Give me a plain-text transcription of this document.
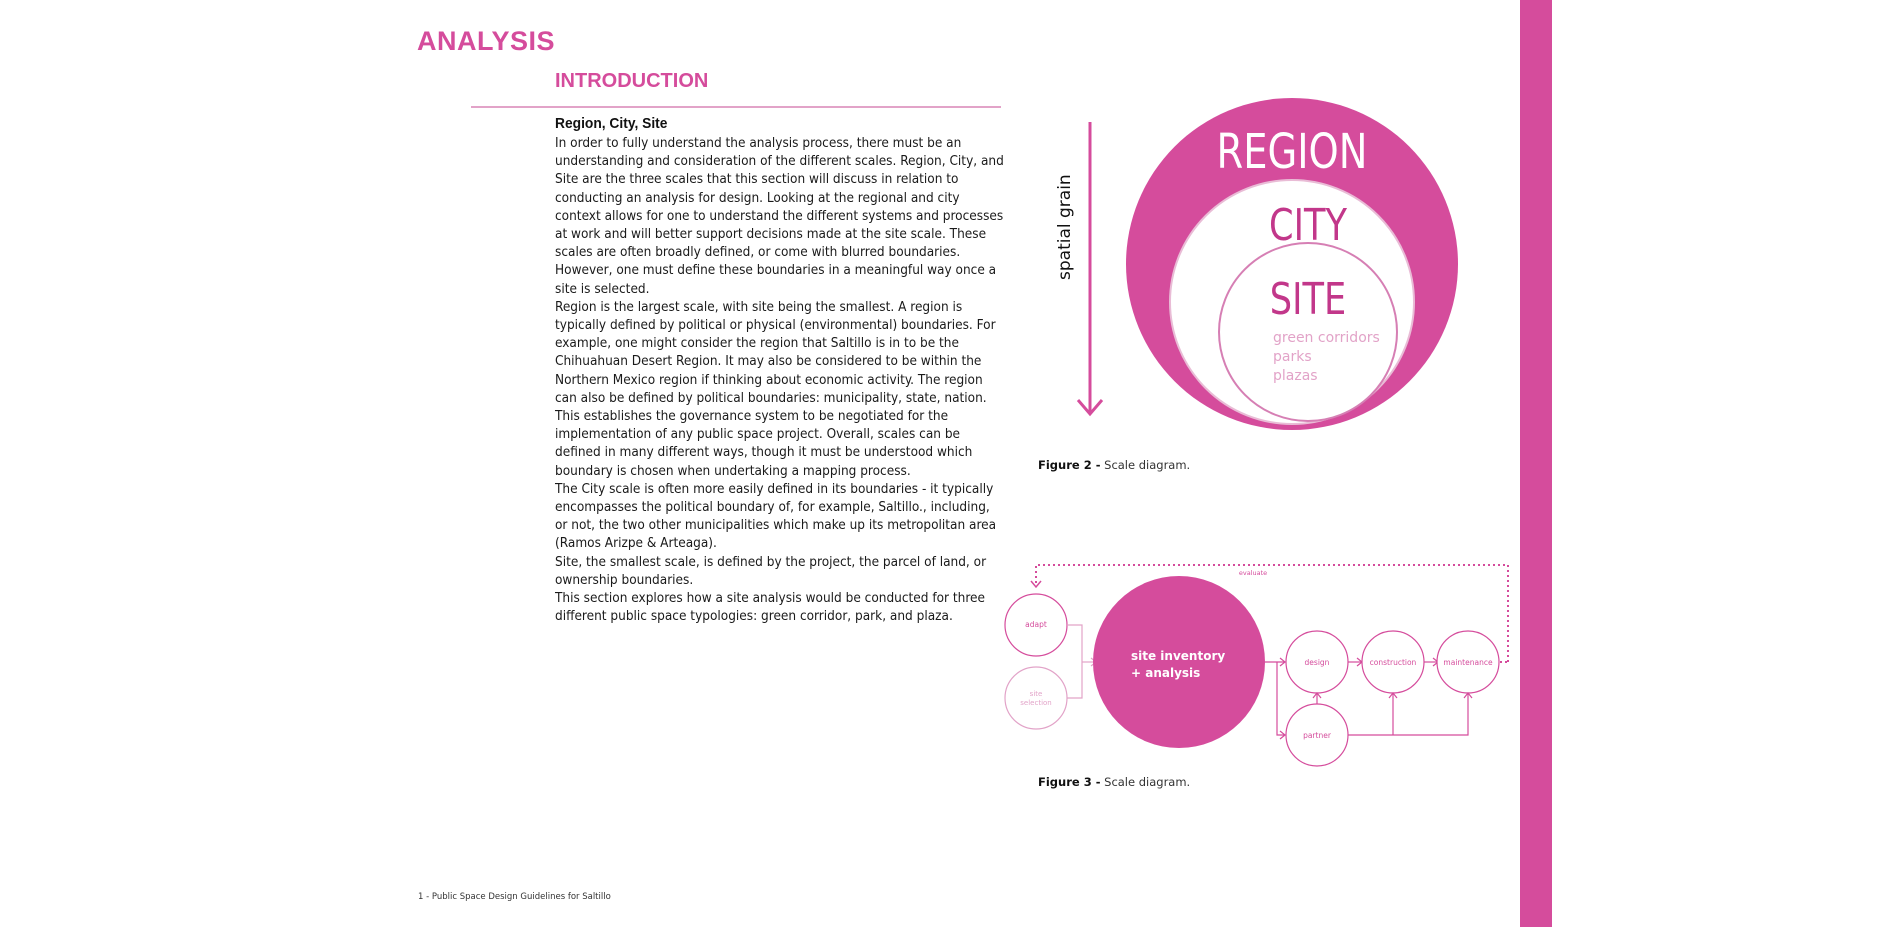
ANALYSIS
INTRODUCTION
Region, City, Site

In order to fully understand the analysis process, there must be an understanding and consideration of the different scales. Region, City, and Site are the three scales that this section will discuss in relation to conducting an analysis for design. Looking at the regional and city context allows for one to understand the different systems and processes at work and will better support decisions made at the site scale. These scales are often broadly defined, or come with blurred boundaries. However, one must define these boundaries in a meaningful way once a site is selected.

Region is the largest scale, with site being the smallest. A region is typically defined by political or physical (environmental) boundaries. For example, one might consider the region that Saltillo is in to be the Chihuahuan Desert Region. It may also be considered to be within the Northern Mexico region if thinking about economic activity. The region can also be defined by political boundaries: municipality, state, nation. This establishes the governance system to be negotiated for the implementation of any public space project. Overall, scales can be defined in many different ways, though it must be understood which boundary is chosen when undertaking a mapping process.

The City scale is often more easily defined in its boundaries - it typically encompasses the political boundary of, for example, Saltillo., including, or not, the two other municipalities which make up its metropolitan area (Ramos Arizpe & Arteaga).

Site, the smallest scale, is defined by the project, the parcel of land, or ownership boundaries.

This section explores how a site analysis would be conducted for three different public space typologies: green corridor, park, and plaza.

spatial grain
REGION
CITY
SITE
green corridors
parks
plazas
Figure 2 - Scale diagram.
evaluate
adapt
site
selection
site inventory
+ analysis
design	construction	maintenance
partner
Figure 3 - Scale diagram.
1 - Public Space Design Guidelines for Saltillo
